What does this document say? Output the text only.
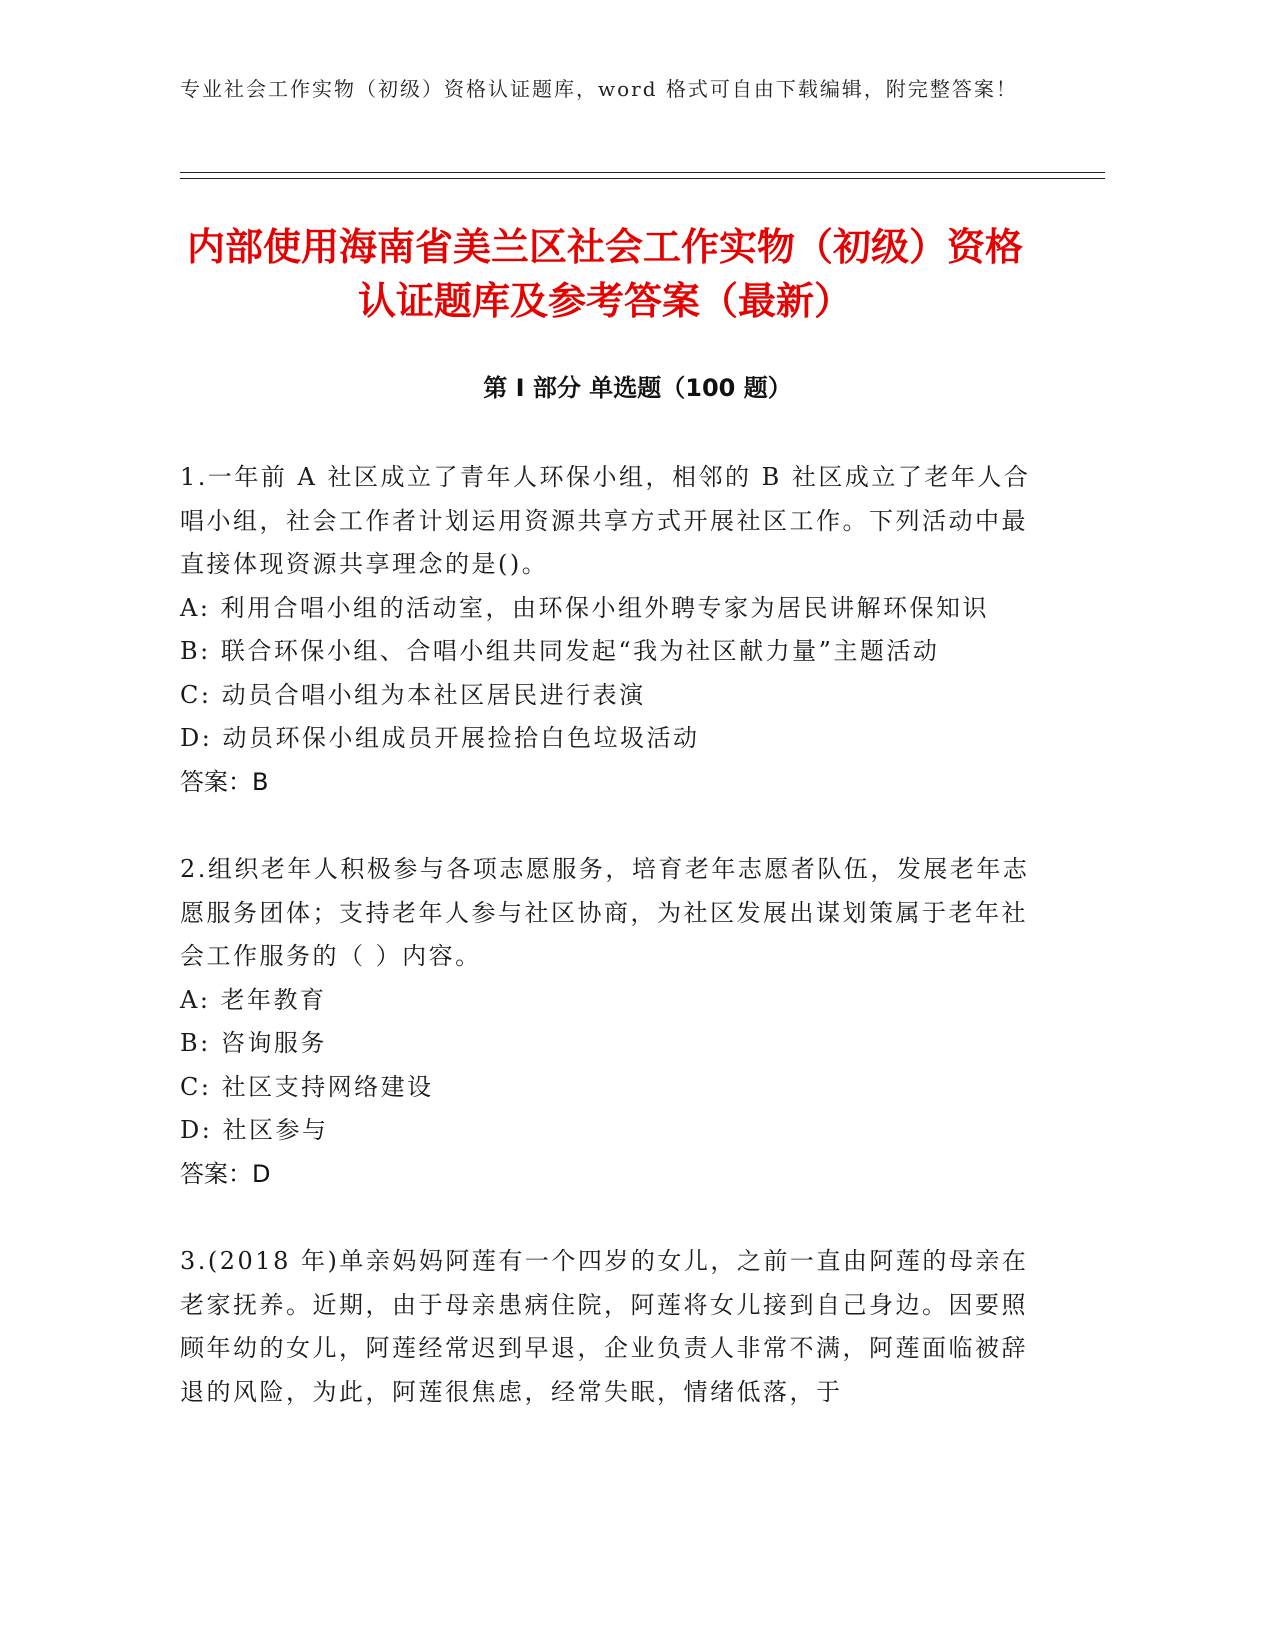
专业社会工作实物（初级）资格认证题库，word 格式可自由下载编辑，附完整答案！
内部使用海南省美兰区社会工作实物（初级）资格认证题库及参考答案（最新）
第 I 部分 单选题（100 题）
1.一年前 A 社区成立了青年人环保小组，相邻的 B 社区成立了老年人合唱小组，社会工作者计划运用资源共享方式开展社区工作。下列活动中最直接体现资源共享理念的是()。
A: 利用合唱小组的活动室，由环保小组外聘专家为居民讲解环保知识
B: 联合环保小组、合唱小组共同发起“我为社区献力量”主题活动
C: 动员合唱小组为本社区居民进行表演
D: 动员环保小组成员开展捡拾白色垃圾活动
答案：B
2.组织老年人积极参与各项志愿服务，培育老年志愿者队伍，发展老年志愿服务团体；支持老年人参与社区协商，为社区发展出谋划策属于老年社会工作服务的（ ）内容。
A: 老年教育
B: 咨询服务
C: 社区支持网络建设
D: 社区参与
答案：D
3.(2018 年)单亲妈妈阿莲有一个四岁的女儿，之前一直由阿莲的母亲在老家抚养。近期，由于母亲患病住院，阿莲将女儿接到自己身边。因要照顾年幼的女儿，阿莲经常迟到早退，企业负责人非常不满，阿莲面临被辞退的风险，为此，阿莲很焦虑，经常失眠，情绪低落，于
